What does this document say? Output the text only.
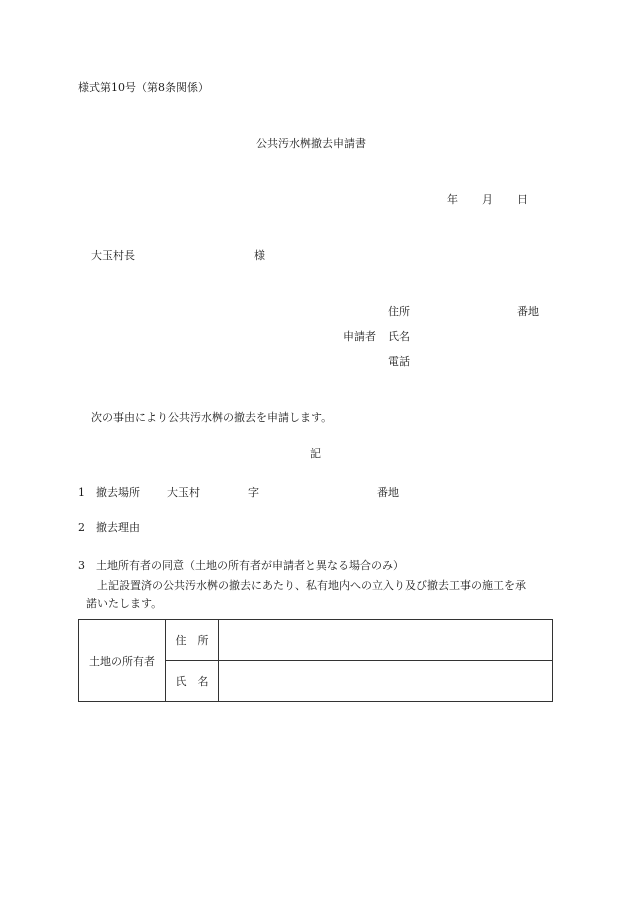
様式第10号（第8条関係）
公共汚水桝撤去申請書
年 月 日
大玉村長	様
住所	番地
申請者 氏名
電話
次の事由により公共汚水桝の撤去を申請します。
記
1 撤去場所 大玉村	字	番地
2 撤去理由
3 土地所有者の同意（土地の所有者が申請者と異なる場合のみ）
上記設置済の公共汚水桝の撤去にあたり、私有地内への立入り及び撤去工事の施工を承
諾いたします。
土地の所有者	住　所	
	氏　名	
